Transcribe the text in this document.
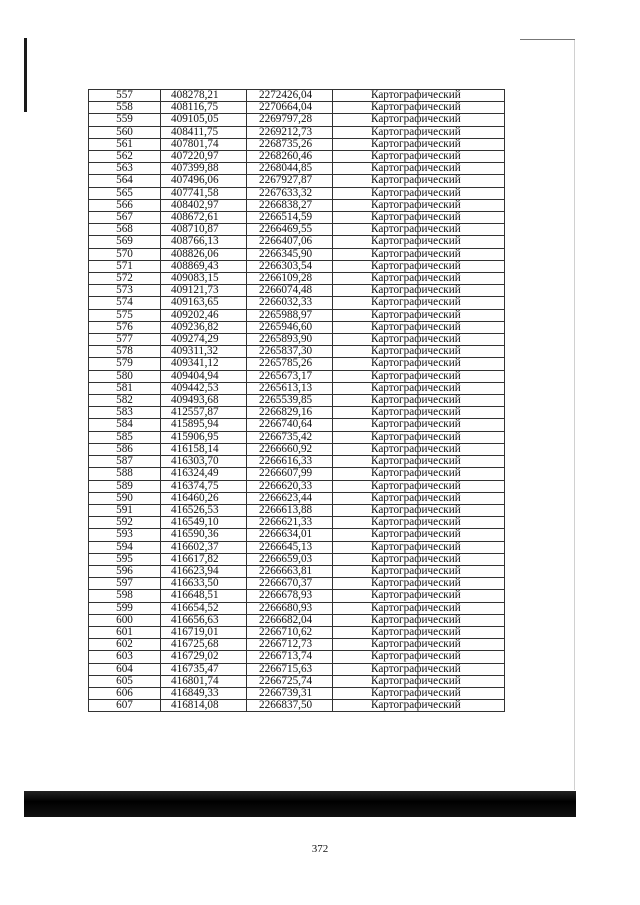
557	408278,21	2272426,04	Картографический
558	408116,75	2270664,04	Картографический
559	409105,05	2269797,28	Картографический
560	408411,75	2269212,73	Картографический
561	407801,74	2268735,26	Картографический
562	407220,97	2268260,46	Картографический
563	407399,88	2268044,85	Картографический
564	407496,06	2267927,87	Картографический
565	407741,58	2267633,32	Картографический
566	408402,97	2266838,27	Картографический
567	408672,61	2266514,59	Картографический
568	408710,87	2266469,55	Картографический
569	408766,13	2266407,06	Картографический
570	408826,06	2266345,90	Картографический
571	408869,43	2266303,54	Картографический
572	409083,15	2266109,28	Картографический
573	409121,73	2266074,48	Картографический
574	409163,65	2266032,33	Картографический
575	409202,46	2265988,97	Картографический
576	409236,82	2265946,60	Картографический
577	409274,29	2265893,90	Картографический
578	409311,32	2265837,30	Картографический
579	409341,12	2265785,26	Картографический
580	409404,94	2265673,17	Картографический
581	409442,53	2265613,13	Картографический
582	409493,68	2265539,85	Картографический
583	412557,87	2266829,16	Картографический
584	415895,94	2266740,64	Картографический
585	415906,95	2266735,42	Картографический
586	416158,14	2266660,92	Картографический
587	416303,70	2266616,33	Картографический
588	416324,49	2266607,99	Картографический
589	416374,75	2266620,33	Картографический
590	416460,26	2266623,44	Картографический
591	416526,53	2266613,88	Картографический
592	416549,10	2266621,33	Картографический
593	416590,36	2266634,01	Картографический
594	416602,37	2266645,13	Картографический
595	416617,82	2266659,03	Картографический
596	416623,94	2266663,81	Картографический
597	416633,50	2266670,37	Картографический
598	416648,51	2266678,93	Картографический
599	416654,52	2266680,93	Картографический
600	416656,63	2266682,04	Картографический
601	416719,01	2266710,62	Картографический
602	416725,68	2266712,73	Картографический
603	416729,02	2266713,74	Картографический
604	416735,47	2266715,63	Картографический
605	416801,74	2266725,74	Картографический
606	416849,33	2266739,31	Картографический
607	416814,08	2266837,50	Картографический
372
